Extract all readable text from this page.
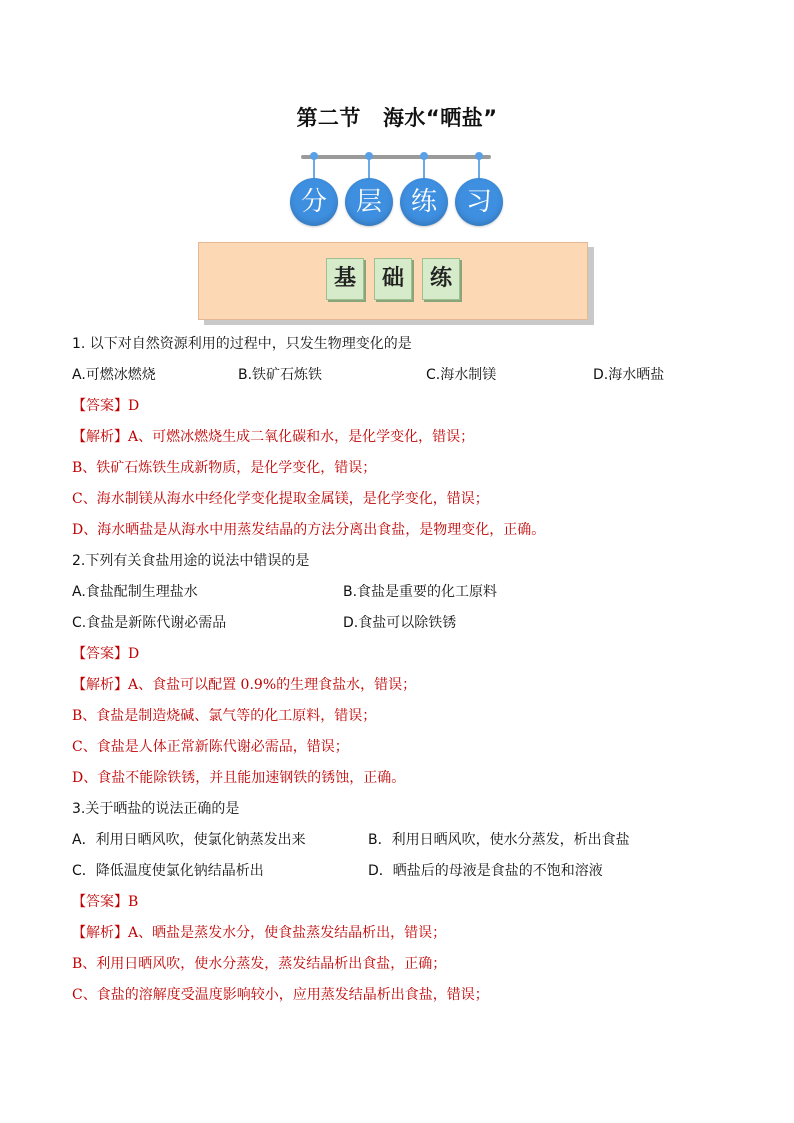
第二节 海水“晒盐”
分	层	练	习
基	础	练
1. 以下对自然资源利用的过程中，只发生物理变化的是
A.可燃冰燃烧	B.铁矿石炼铁	C.海水制镁	D.海水晒盐
【答案】D
【解析】A、可燃冰燃烧生成二氧化碳和水，是化学变化，错误；
B、铁矿石炼铁生成新物质，是化学变化，错误；
C、海水制镁从海水中经化学变化提取金属镁，是化学变化，错误；
D、海水晒盐是从海水中用蒸发结晶的方法分离出食盐，是物理变化，正确。
2.下列有关食盐用途的说法中错误的是
A.食盐配制生理盐水	B.食盐是重要的化工原料
C.食盐是新陈代谢必需品	D.食盐可以除铁锈
【答案】D
【解析】A、食盐可以配置 0.9%的生理食盐水，错误；
B、食盐是制造烧碱、氯气等的化工原料，错误；
C、食盐是人体正常新陈代谢必需品，错误；
D、食盐不能除铁锈，并且能加速钢铁的锈蚀，正确。
3.关于晒盐的说法正确的是
A．利用日晒风吹，使氯化钠蒸发出来	B．利用日晒风吹，使水分蒸发，析出食盐
C．降低温度使氯化钠结晶析出	D．晒盐后的母液是食盐的不饱和溶液
【答案】B
【解析】A、晒盐是蒸发水分，使食盐蒸发结晶析出，错误；
B、利用日晒风吹，使水分蒸发，蒸发结晶析出食盐，正确；
C、食盐的溶解度受温度影响较小，应用蒸发结晶析出食盐，错误；
